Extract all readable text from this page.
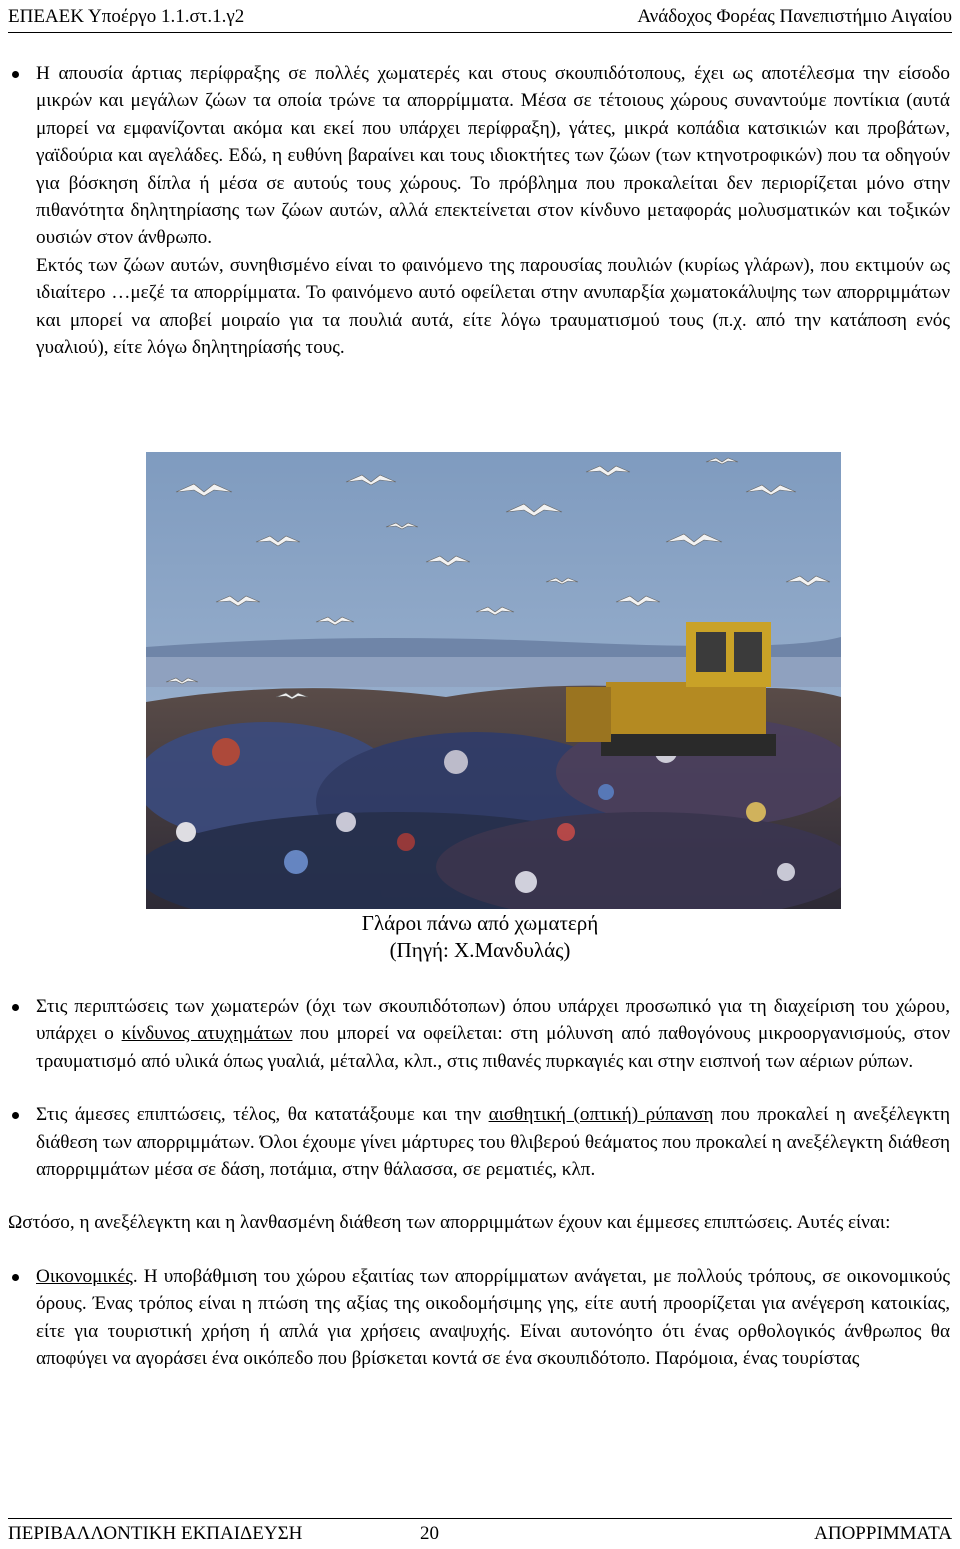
ΕΠΕΑΕΚ Υποέργο 1.1.στ.1.γ2	Ανάδοχος Φορέας Πανεπιστήμιο Αιγαίου

Η απουσία άρτιας περίφραξης σε πολλές χωματερές και στους σκουπιδότοπους, έχει ως αποτέλεσμα την είσοδο μικρών και μεγάλων ζώων τα οποία τρώνε τα απορρίμματα. Μέσα σε τέτοιους χώρους συναντούμε ποντίκια (αυτά μπορεί να εμφανίζονται ακόμα και εκεί που υπάρχει περίφραξη), γάτες, μικρά κοπάδια κατσικιών και προβάτων, γαϊδούρια και αγελάδες. Εδώ, η ευθύνη βαραίνει και τους ιδιοκτήτες των ζώων (των κτηνοτροφικών) που τα οδηγούν για βόσκηση δίπλα ή μέσα σε αυτούς τους χώρους. Το πρόβλημα που προκαλείται δεν περιορίζεται μόνο στην πιθανότητα δηλητηρίασης των ζώων αυτών, αλλά επεκτείνεται στον κίνδυνο μεταφοράς μολυσματικών και τοξικών ουσιών στον άνθρωπο.

Εκτός των ζώων αυτών, συνηθισμένο είναι το φαινόμενο της παρουσίας πουλιών (κυρίως γλάρων), που εκτιμούν ως ιδιαίτερο …μεζέ τα απορρίμματα. Το φαινόμενο αυτό οφείλεται στην ανυπαρξία χωματοκάλυψης των απορριμμάτων και μπορεί να αποβεί μοιραίο για τα πουλιά αυτά, είτε λόγω τραυματισμού τους (π.χ. από την κατάποση ενός γυαλιού), είτε λόγω δηλητηρίασής τους.

Γλάροι πάνω από χωματερή
(Πηγή: Χ.Μανδυλάς)

Στις περιπτώσεις των χωματερών (όχι των σκουπιδότοπων) όπου υπάρχει προσωπικό για τη διαχείριση του χώρου, υπάρχει ο κίνδυνος ατυχημάτων που μπορεί να οφείλεται: στη μόλυνση από παθογόνους μικροοργανισμούς, στον τραυματισμό από υλικά όπως γυαλιά, μέταλλα, κλπ., στις πιθανές πυρκαγιές και στην εισπνοή των αέριων ρύπων.

Στις άμεσες επιπτώσεις, τέλος, θα κατατάξουμε και την αισθητική (οπτική) ρύπανση που προκαλεί η ανεξέλεγκτη διάθεση των απορριμμάτων. Όλοι έχουμε γίνει μάρτυρες του θλιβερού θεάματος που προκαλεί η ανεξέλεγκτη διάθεση απορριμμάτων μέσα σε δάση, ποτάμια, στην θάλασσα, σε ρεματιές, κλπ.

Ωστόσο, η ανεξέλεγκτη και η λανθασμένη διάθεση των απορριμμάτων έχουν και έμμεσες επιπτώσεις. Αυτές είναι:

Οικονομικές. Η υποβάθμιση του χώρου εξαιτίας των απορρίμματων ανάγεται, με πολλούς τρόπους, σε οικονομικούς όρους. Ένας τρόπος είναι η πτώση της αξίας της οικοδομήσιμης γης, είτε αυτή προορίζεται για ανέγερση κατοικίας, είτε για τουριστική χρήση ή απλά για χρήσεις αναψυχής. Είναι αυτονόητο ότι ένας ορθολογικός άνθρωπος θα αποφύγει να αγοράσει ένα οικόπεδο που βρίσκεται κοντά σε ένα σκουπιδότοπο. Παρόμοια, ένας τουρίστας

ΠΕΡΙΒΑΛΛΟΝΤΙΚΗ ΕΚΠΑΙΔΕΥΣΗ	20	ΑΠΟΡΡΙΜΜΑΤΑ
